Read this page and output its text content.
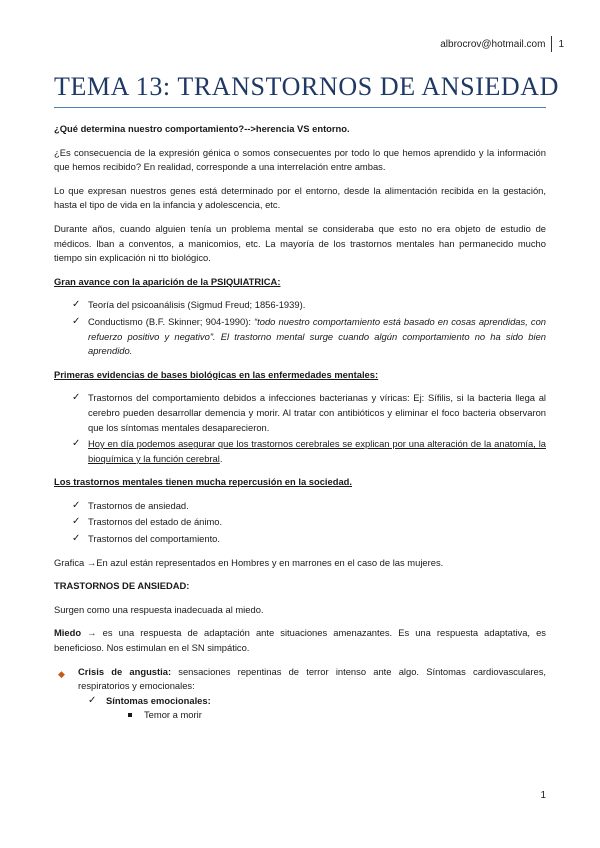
albrocrov@hotmail.com 1
TEMA 13: TRANSTORNOS DE ANSIEDAD

¿Qué determina nuestro comportamiento?-->herencia VS entorno.

¿Es consecuencia de la expresión génica o somos consecuentes por todo lo que hemos aprendido y la información que hemos recibido? En realidad, corresponde a una interrelación entre ambas.

Lo que expresan nuestros genes está determinado por el entorno, desde la alimentación recibida en la gestación, hasta el tipo de vida en la infancia y adolescencia, etc.

Durante años, cuando alguien tenía un problema mental se consideraba que esto no era objeto de estudio de médicos. Iban a conventos, a manicomios, etc. La mayoría de los trastornos mentales han permanecido mucho tiempo sin explicación ni tto biológico.

Gran avance con la aparición de la PSIQUIATRICA:

✓ Teoría del psicoanálisis (Sigmud Freud; 1856-1939).
✓ Conductismo (B.F. Skinner; 904-1990): “todo nuestro comportamiento está basado en cosas aprendidas, con refuerzo positivo y negativo”. El trastorno mental surge cuando algún comportamiento no ha sido bien aprendido.

Primeras evidencias de bases biológicas en las enfermedades mentales:

✓ Trastornos del comportamiento debidos a infecciones bacterianas y víricas: Ej: Sífilis, si la bacteria llega al cerebro pueden desarrollar demencia y morir. Al tratar con antibióticos y eliminar el foco bacteria observaron que los síntomas mentales desaparecieron.
✓ Hoy en día podemos asegurar que los trastornos cerebrales se explican por una alteración de la anatomía, la bioquímica y la función cerebral.

Los trastornos mentales tienen mucha repercusión en la sociedad.

✓ Trastornos de ansiedad.
✓ Trastornos del estado de ánimo.
✓ Trastornos del comportamiento.

Grafica →En azul están representados en Hombres y en marrones en el caso de las mujeres.

TRASTORNOS DE ANSIEDAD:

Surgen como una respuesta inadecuada al miedo.

Miedo → es una respuesta de adaptación ante situaciones amenazantes. Es una respuesta adaptativa, es beneficioso. Nos estimulan en el SN simpático.

◆ Crisis de angustia: sensaciones repentinas de terror intenso ante algo. Síntomas cardiovasculares, respiratorios y emocionales:
✓ Síntomas emocionales:
Temor a morir
1
